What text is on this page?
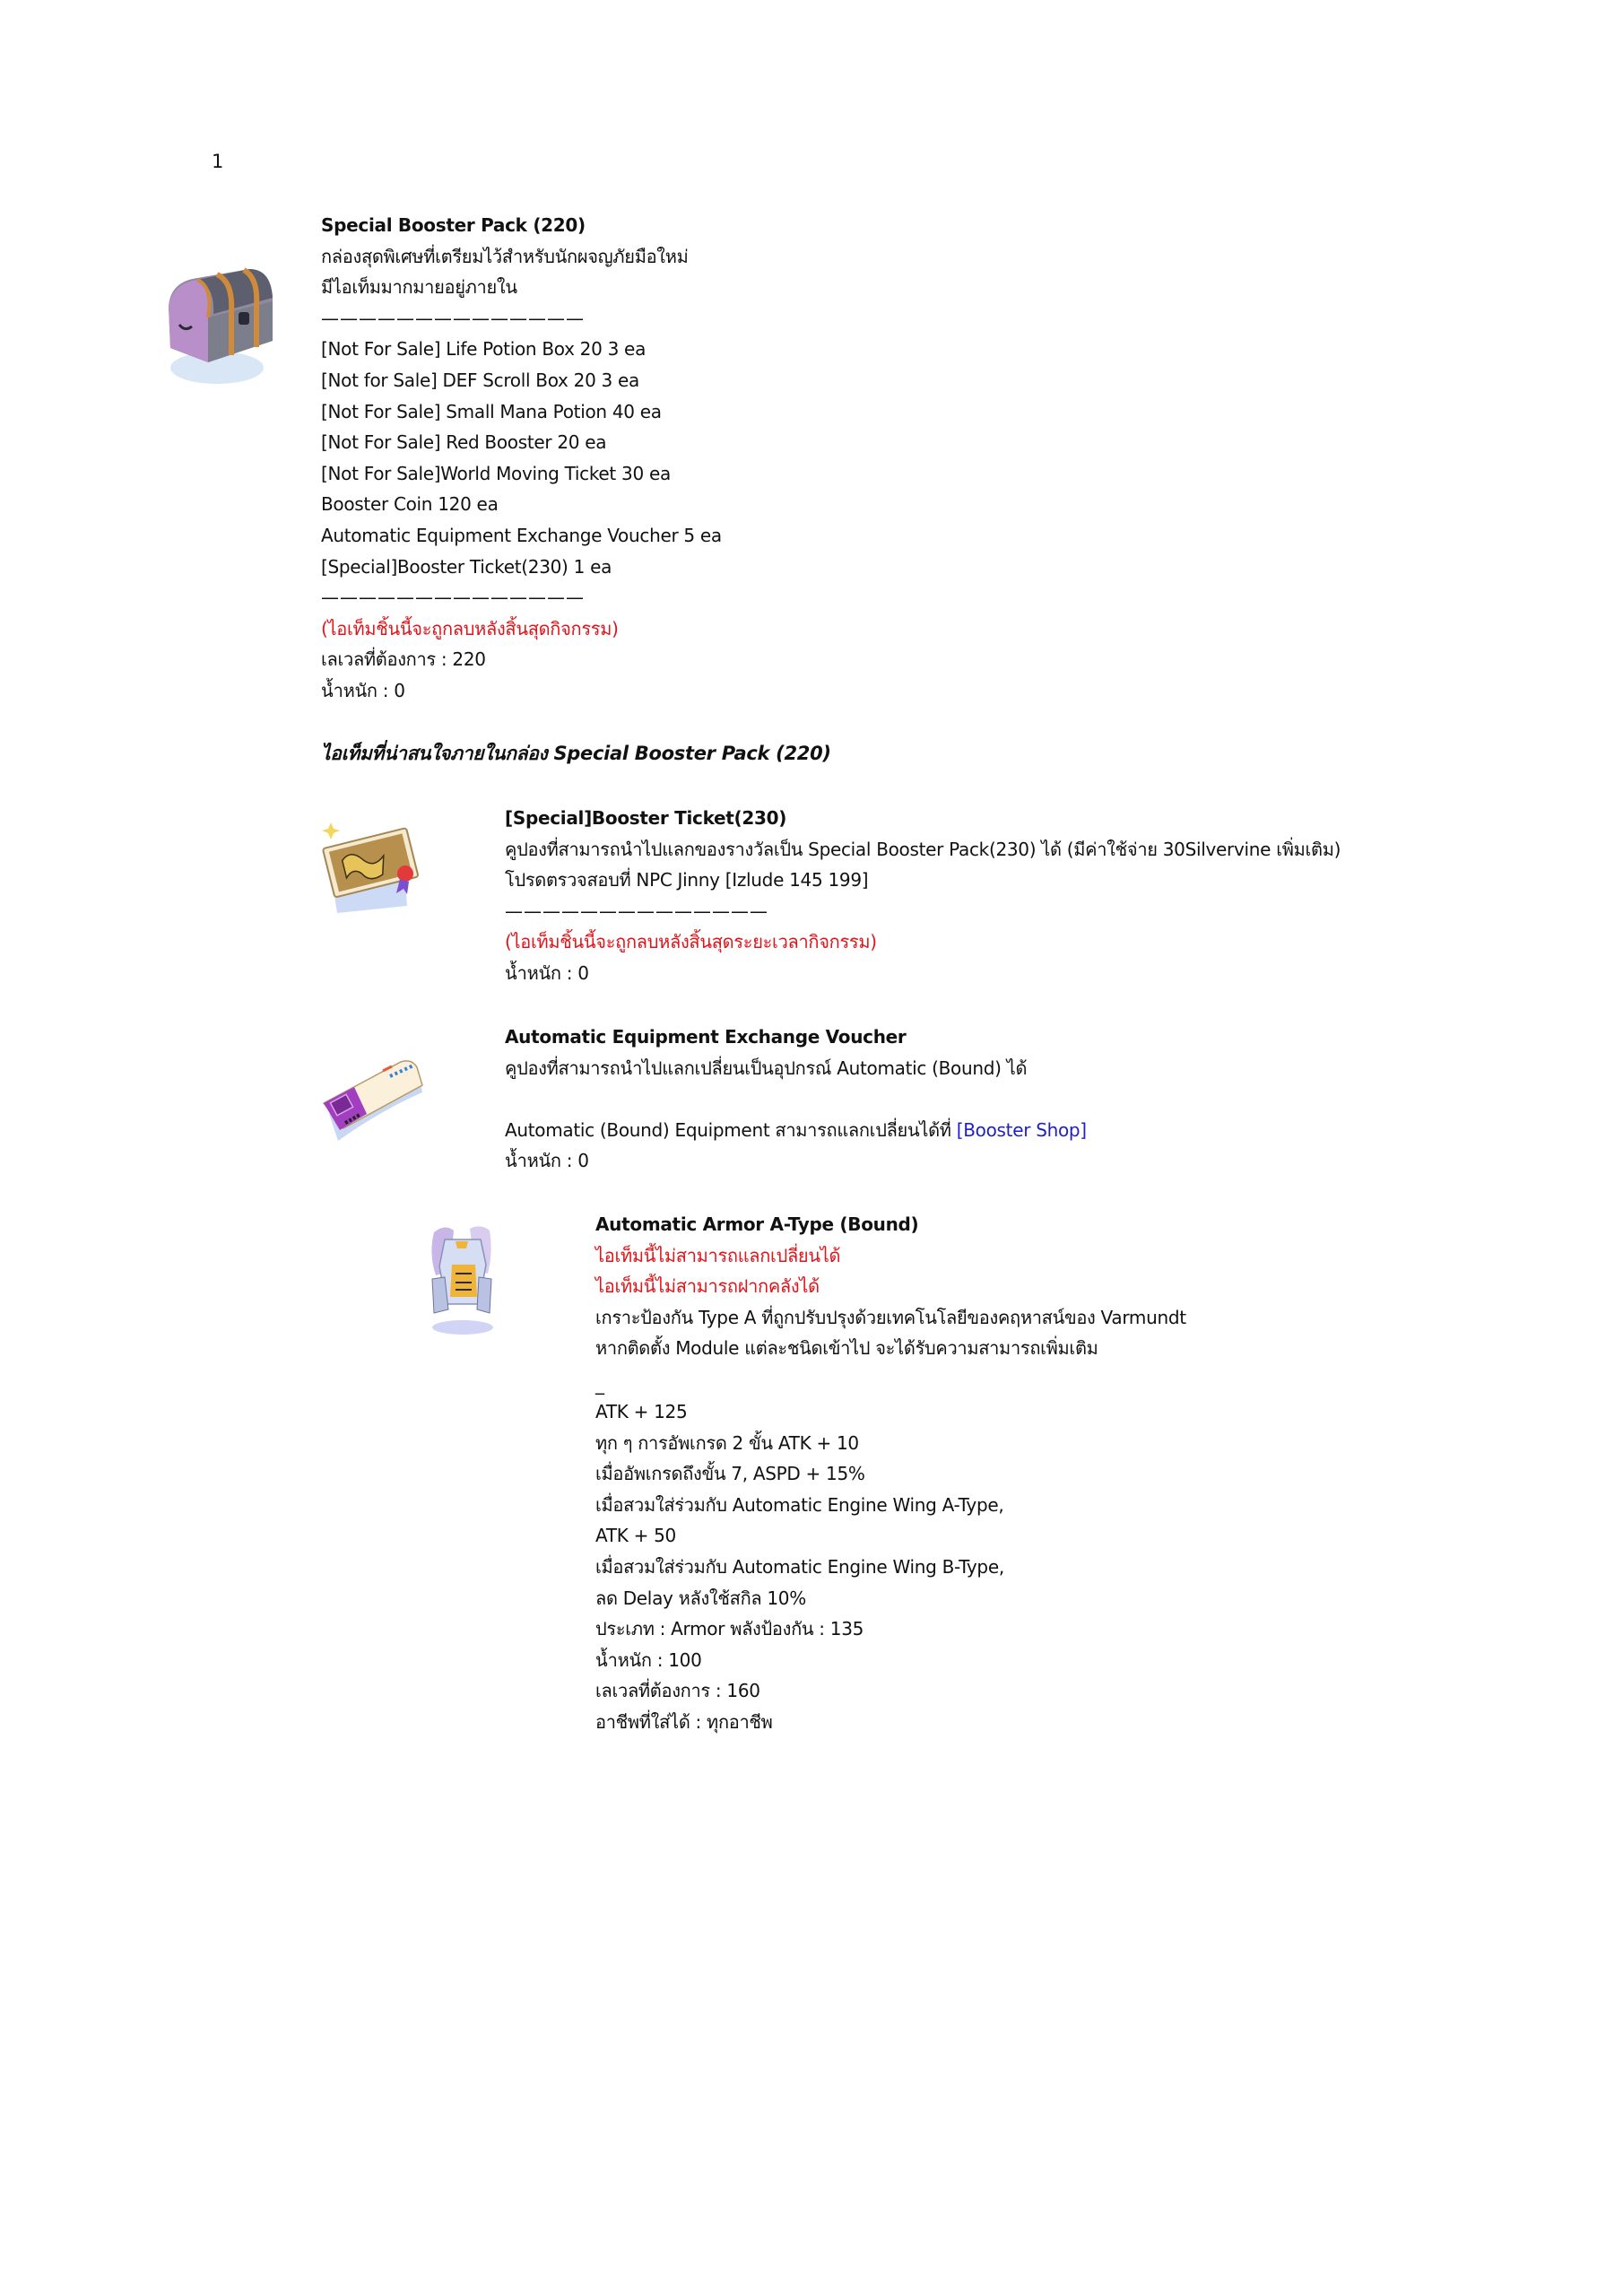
1
Special Booster Pack (220)
กล่องสุดพิเศษที่เตรียมไว้สำหรับนักผจญภัยมือใหม่
มีไอเท็มมากมายอยู่ภายใน
——————————————
[Not For Sale] Life Potion Box 20 3 ea
[Not for Sale] DEF Scroll Box 20 3 ea
[Not For Sale] Small Mana Potion 40 ea
[Not For Sale] Red Booster 20 ea
[Not For Sale]World Moving Ticket 30 ea
Booster Coin 120 ea
Automatic Equipment Exchange Voucher 5 ea
[Special]Booster Ticket(230) 1 ea
——————————————
(ไอเท็มชิ้นนี้จะถูกลบหลังสิ้นสุดกิจกรรม)
เลเวลที่ต้องการ : 220
น้ำหนัก : 0
ไอเท็มที่น่าสนใจภายในกล่อง Special Booster Pack (220)
[Special]Booster Ticket(230)
คูปองที่สามารถนำไปแลกของรางวัลเป็น Special Booster Pack(230) ได้ (มีค่าใช้จ่าย 30Silvervine เพิ่มเติม)
โปรดตรวจสอบที่ NPC Jinny [Izlude 145 199]
——————————————
(ไอเท็มชิ้นนี้จะถูกลบหลังสิ้นสุดระยะเวลากิจกรรม)
น้ำหนัก : 0
Automatic Equipment Exchange Voucher
คูปองที่สามารถนำไปแลกเปลี่ยนเป็นอุปกรณ์ Automatic (Bound) ได้
Automatic (Bound) Equipment สามารถแลกเปลี่ยนได้ที่ [Booster Shop]
น้ำหนัก : 0
Automatic Armor A-Type (Bound)
ไอเท็มนี้ไม่สามารถแลกเปลี่ยนได้
ไอเท็มนี้ไม่สามารถฝากคลังได้
เกราะป้องกัน Type A ที่ถูกปรับปรุงด้วยเทคโนโลยีของคฤหาสน์ของ Varmundt
หากติดตั้ง Module แต่ละชนิดเข้าไป จะได้รับความสามารถเพิ่มเติม
_
ATK + 125
ทุก ๆ การอัพเกรด 2 ขั้น ATK + 10
เมื่ออัพเกรดถึงขั้น 7, ASPD + 15%
เมื่อสวมใส่ร่วมกับ Automatic Engine Wing A-Type,
ATK + 50
เมื่อสวมใส่ร่วมกับ Automatic Engine Wing B-Type,
ลด Delay หลังใช้สกิล 10%
ประเภท : Armor พลังป้องกัน : 135
น้ำหนัก : 100
เลเวลที่ต้องการ : 160
อาชีพที่ใส่ได้ : ทุกอาชีพ
